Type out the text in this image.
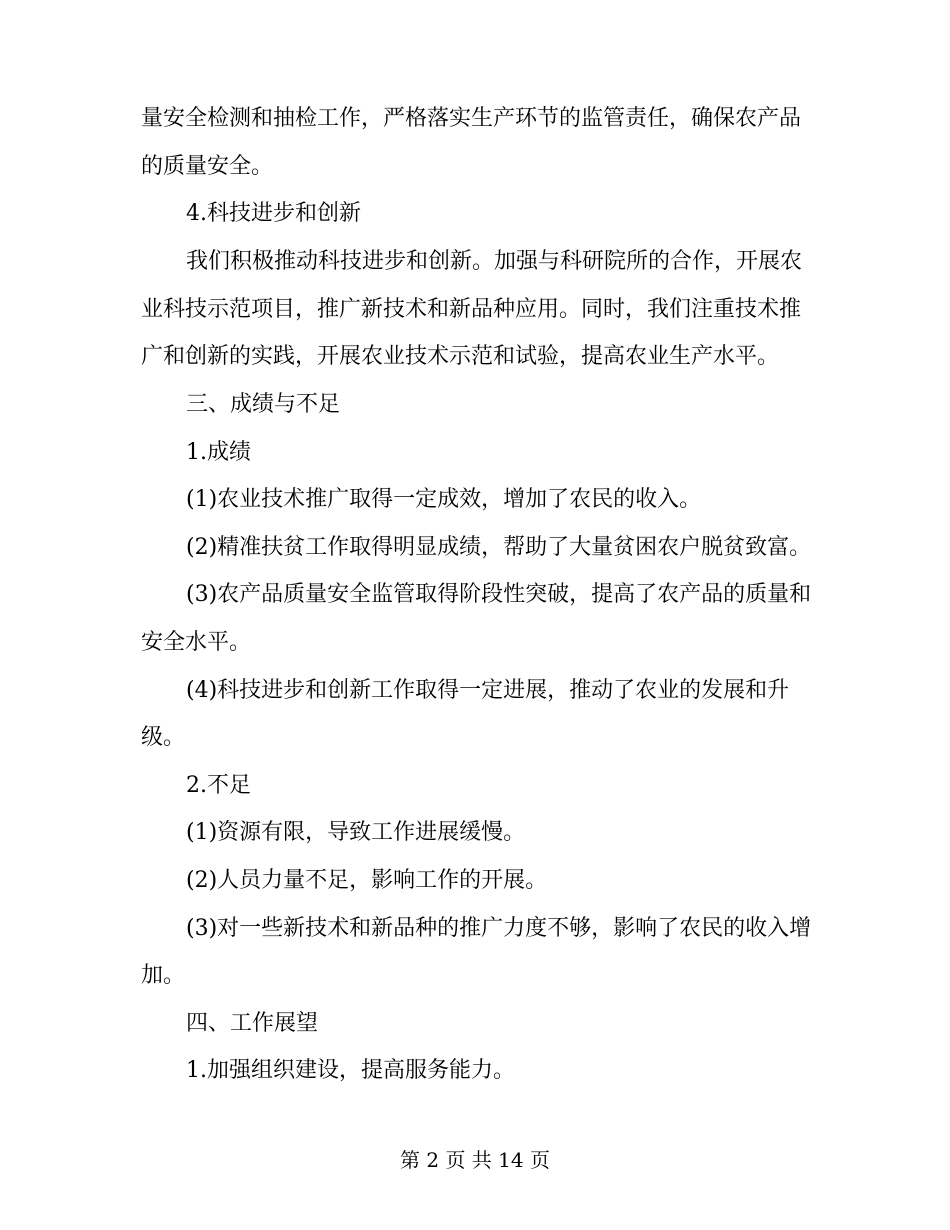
量安全检测和抽检工作，严格落实生产环节的监管责任，确保农产品
的质量安全。
4.科技进步和创新
我们积极推动科技进步和创新。加强与科研院所的合作，开展农
业科技示范项目，推广新技术和新品种应用。同时，我们注重技术推
广和创新的实践，开展农业技术示范和试验，提高农业生产水平。
三、成绩与不足
1.成绩
(1)农业技术推广取得一定成效，增加了农民的收入。
(2)精准扶贫工作取得明显成绩，帮助了大量贫困农户脱贫致富。
(3)农产品质量安全监管取得阶段性突破，提高了农产品的质量和
安全水平。
(4)科技进步和创新工作取得一定进展，推动了农业的发展和升
级。
2.不足
(1)资源有限，导致工作进展缓慢。
(2)人员力量不足，影响工作的开展。
(3)对一些新技术和新品种的推广力度不够，影响了农民的收入增
加。
四、工作展望
1.加强组织建设，提高服务能力。
第 2 页 共 14 页
